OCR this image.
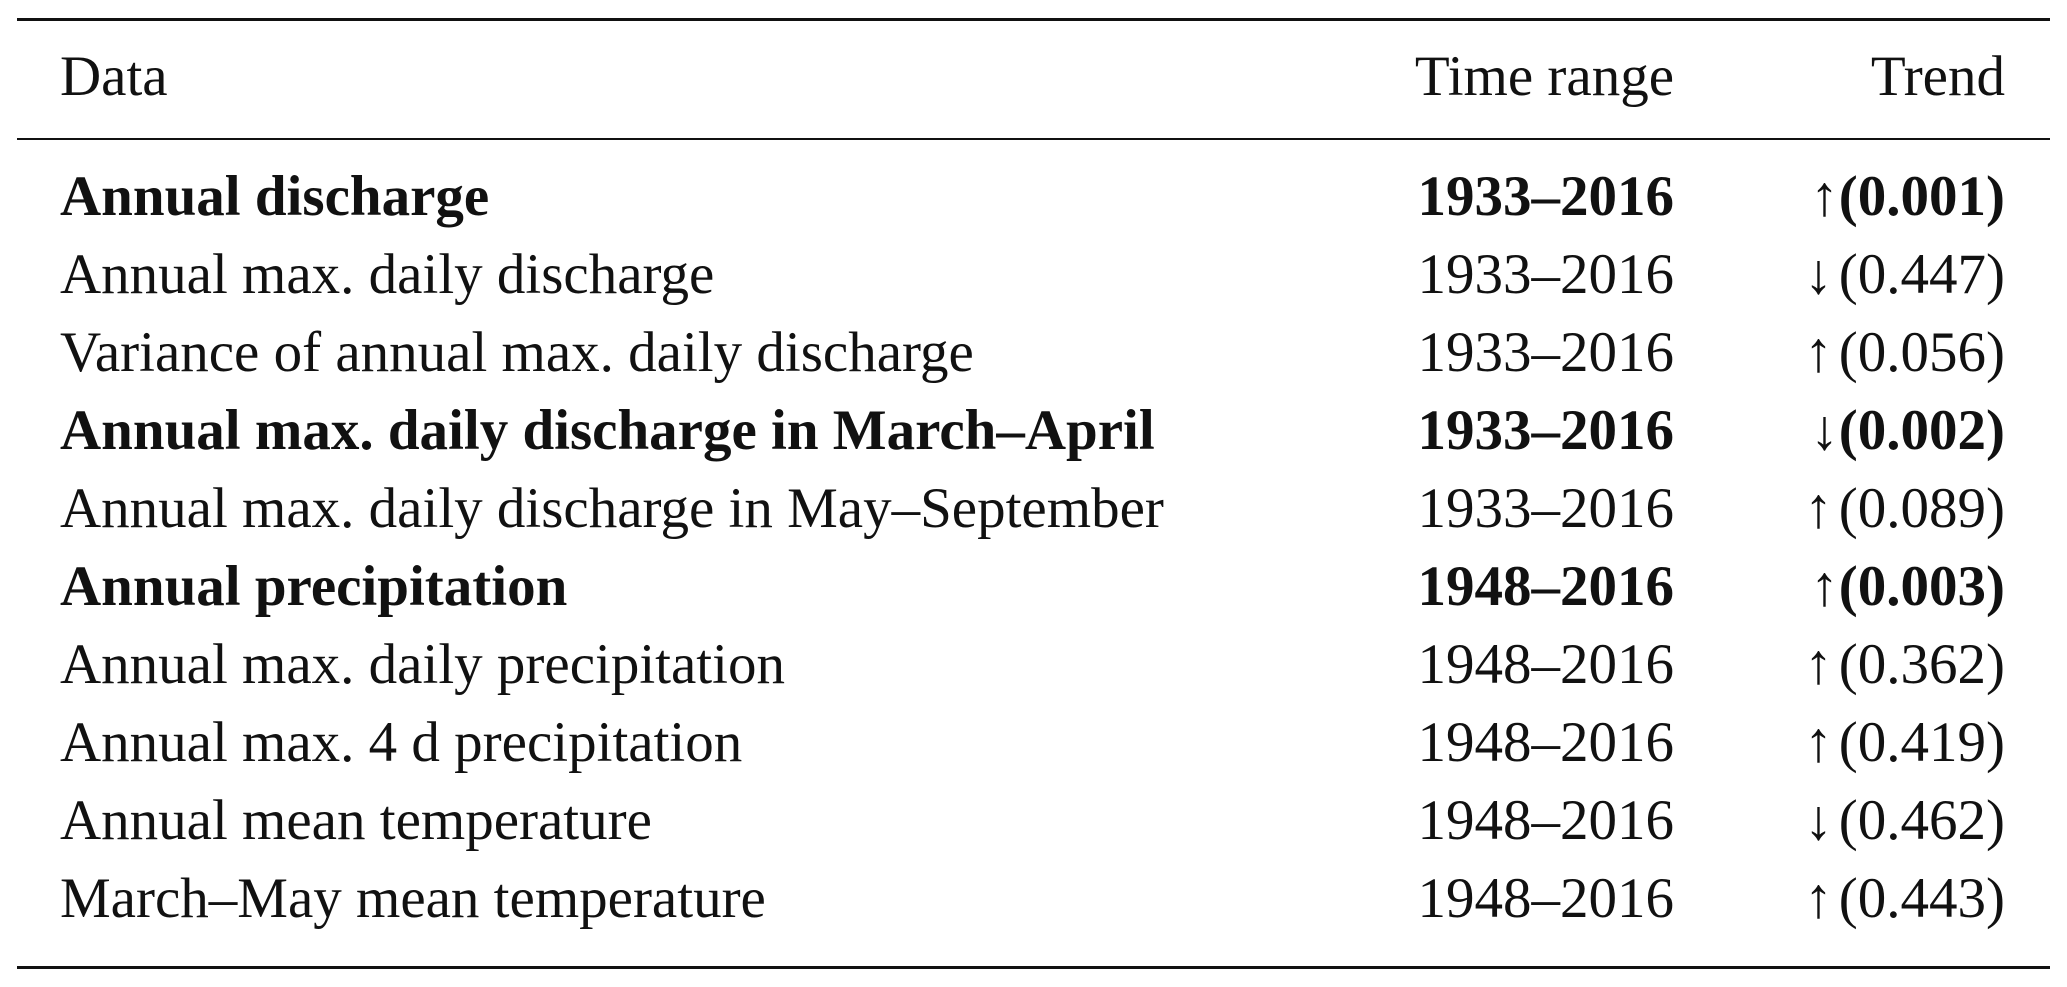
Data	Time range	Trend
Annual discharge	1933–2016 ↑(0.001)
Annual max. daily discharge	1933–2016 ↓ (0.447)
Variance of annual max. daily discharge	1933–2016 ↑ (0.056)
Annual max. daily discharge in March–April	1933–2016 ↓(0.002)
Annual max. daily discharge in May–September	1933–2016 ↑ (0.089)
Annual precipitation	1948–2016 ↑(0.003)
Annual max. daily precipitation	1948–2016 ↑ (0.362)
Annual max. 4 d precipitation	1948–2016 ↑ (0.419)
Annual mean temperature	1948–2016 ↓ (0.462)
March–May mean temperature	1948–2016 ↑ (0.443)
